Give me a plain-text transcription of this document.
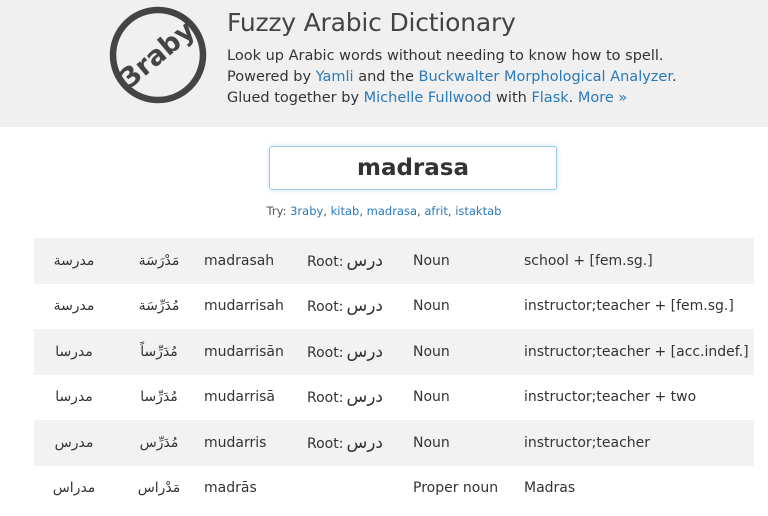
3raby Fuzzy Arabic Dictionary
Look up Arabic words without needing to know how to spell.
Powered by Yamli and the Buckwalter Morphological Analyzer.
Glued together by Michelle Fullwood with Flask. More »
madrasa
Try: 3raby, kitab, madrasa, afrit, istaktab
مدرسة	مَدْرَسَة	madrasah	Root: درس	Noun	school + [fem.sg.]
مدرسة	مُدَرِّسَة	mudarrisah	Root: درس	Noun	instructor;teacher + [fem.sg.]
مدرسا	مُدَرِّساً	mudarrisān	Root: درس	Noun	instructor;teacher + [acc.indef.]
مدرسا	مُدَرِّسا	mudarrisā	Root: درس	Noun	instructor;teacher + two
مدرس	مُدَرِّس	mudarris	Root: درس	Noun	instructor;teacher
مدراس	مَدْراس	madrās		Proper noun	Madras
